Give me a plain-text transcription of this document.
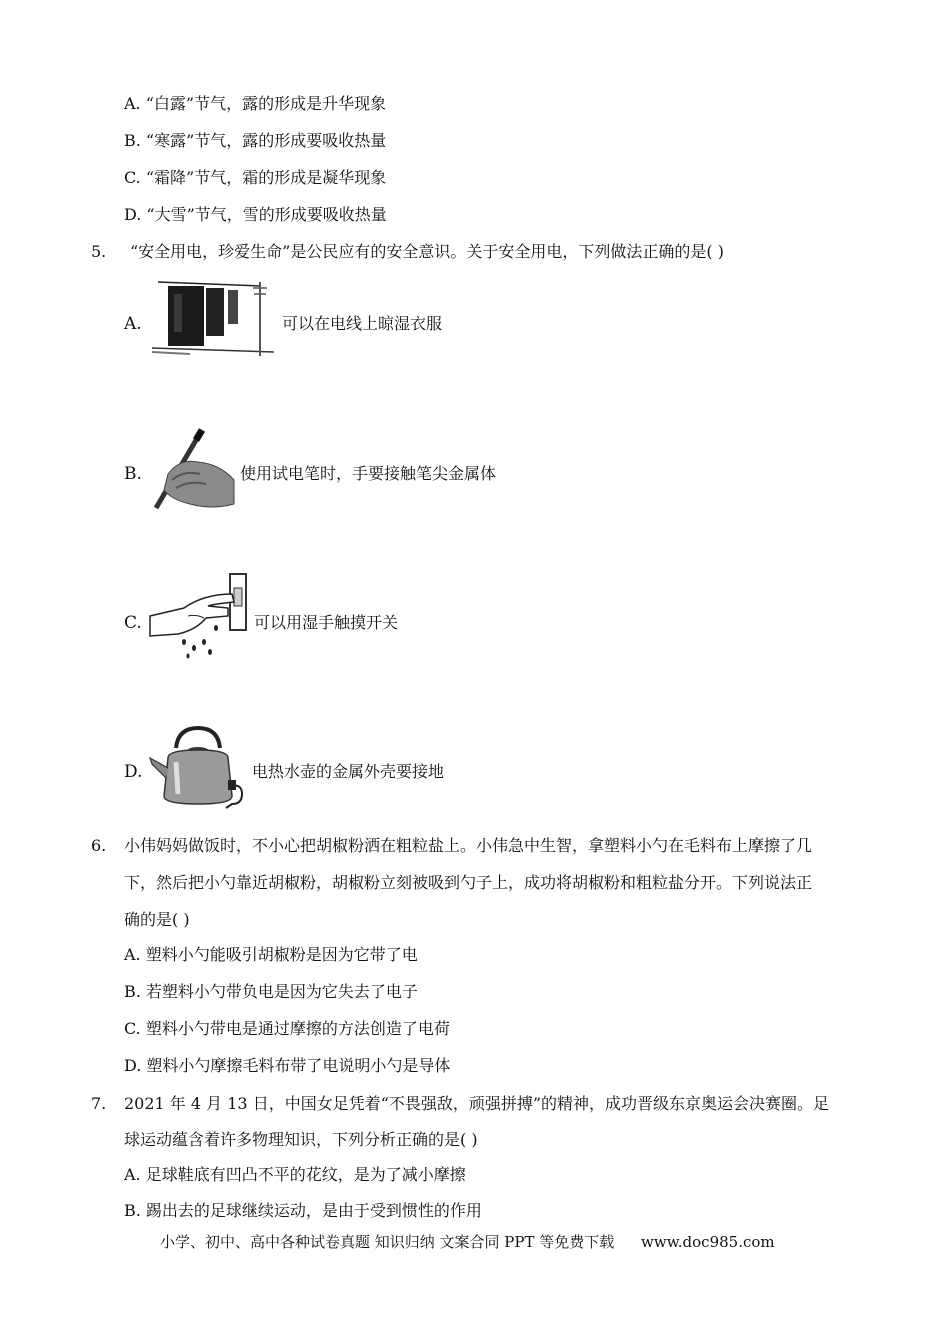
A. “白露”节气，露的形成是升华现象
B. “寒露”节气，露的形成要吸收热量
C. “霜降”节气，霜的形成是凝华现象
D. “大雪”节气，雪的形成要吸收热量
5. “安全用电，珍爱生命”是公民应有的安全意识。关于安全用电，下列做法正确的是( )
A.	可以在电线上晾湿衣服
B.	使用试电笔时，手要接触笔尖金属体
C.	可以用湿手触摸开关
D.	电热水壶的金属外壳要接地
6. 小伟妈妈做饭时，不小心把胡椒粉洒在粗粒盐上。小伟急中生智，拿塑料小勺在毛料布上摩擦了几
下，然后把小勺靠近胡椒粉，胡椒粉立刻被吸到勺子上，成功将胡椒粉和粗粒盐分开。下列说法正
确的是( )
A. 塑料小勺能吸引胡椒粉是因为它带了电
B. 若塑料小勺带负电是因为它失去了电子
C. 塑料小勺带电是通过摩擦的方法创造了电荷
D. 塑料小勺摩擦毛料布带了电说明小勺是导体
7. 2021 年 4 月 13 日，中国女足凭着“不畏强敌，顽强拼搏”的精神，成功晋级东京奥运会决赛圈。足
球运动蕴含着许多物理知识，下列分析正确的是( )
A. 足球鞋底有凹凸不平的花纹，是为了减小摩擦
B. 踢出去的足球继续运动，是由于受到惯性的作用
小学、初中、高中各种试卷真题 知识归纳 文案合同 PPT 等免费下载 www.doc985.com
